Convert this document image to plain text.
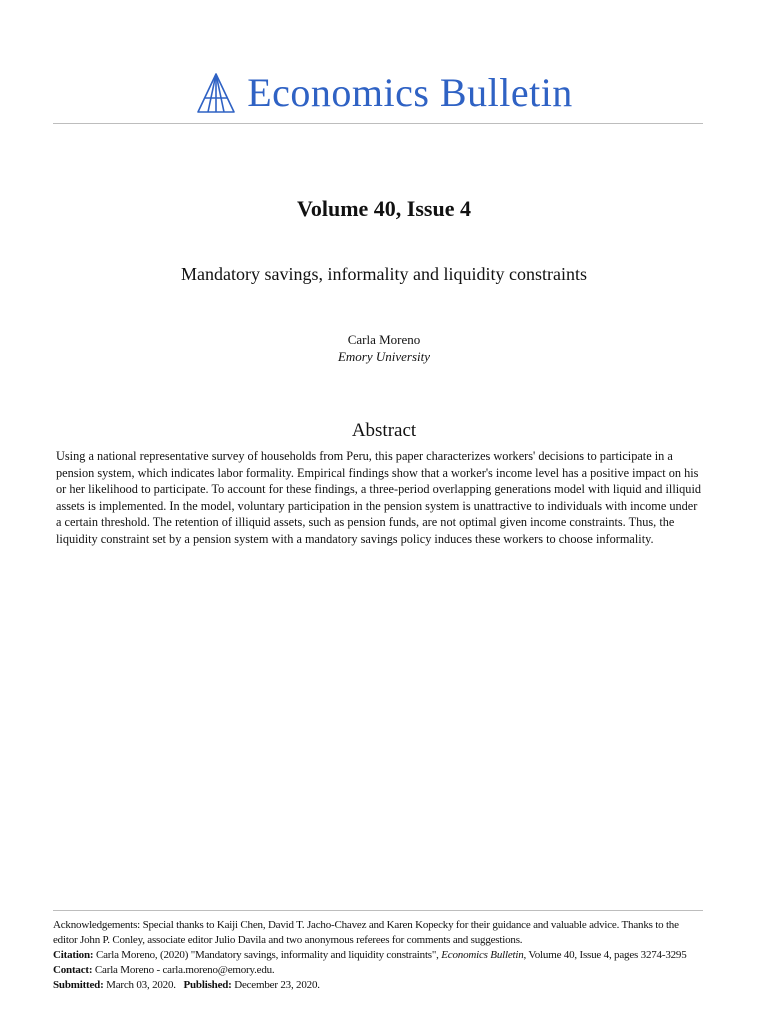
Economics Bulletin
Volume 40, Issue 4
Mandatory savings, informality and liquidity constraints
Carla Moreno
Emory University
Abstract
Using a national representative survey of households from Peru, this paper characterizes workers' decisions to participate in a pension system, which indicates labor formality. Empirical findings show that a worker's income level has a positive impact on his or her likelihood to participate. To account for these findings, a three-period overlapping generations model with liquid and illiquid assets is implemented. In the model, voluntary participation in the pension system is unattractive to individuals with income under a certain threshold. The retention of illiquid assets, such as pension funds, are not optimal given income constraints. Thus, the liquidity constraint set by a pension system with a mandatory savings policy induces these workers to choose informality.

Acknowledgements: Special thanks to Kaiji Chen, David T. Jacho-Chavez and Karen Kopecky for their guidance and valuable advice. Thanks to the editor John P. Conley, associate editor Julio Davila and two anonymous referees for comments and suggestions.

Citation: Carla Moreno, (2020) "Mandatory savings, informality and liquidity constraints", Economics Bulletin, Volume 40, Issue 4, pages 3274-3295

Contact: Carla Moreno - carla.moreno@emory.edu.

Submitted: March 03, 2020. Published: December 23, 2020.
